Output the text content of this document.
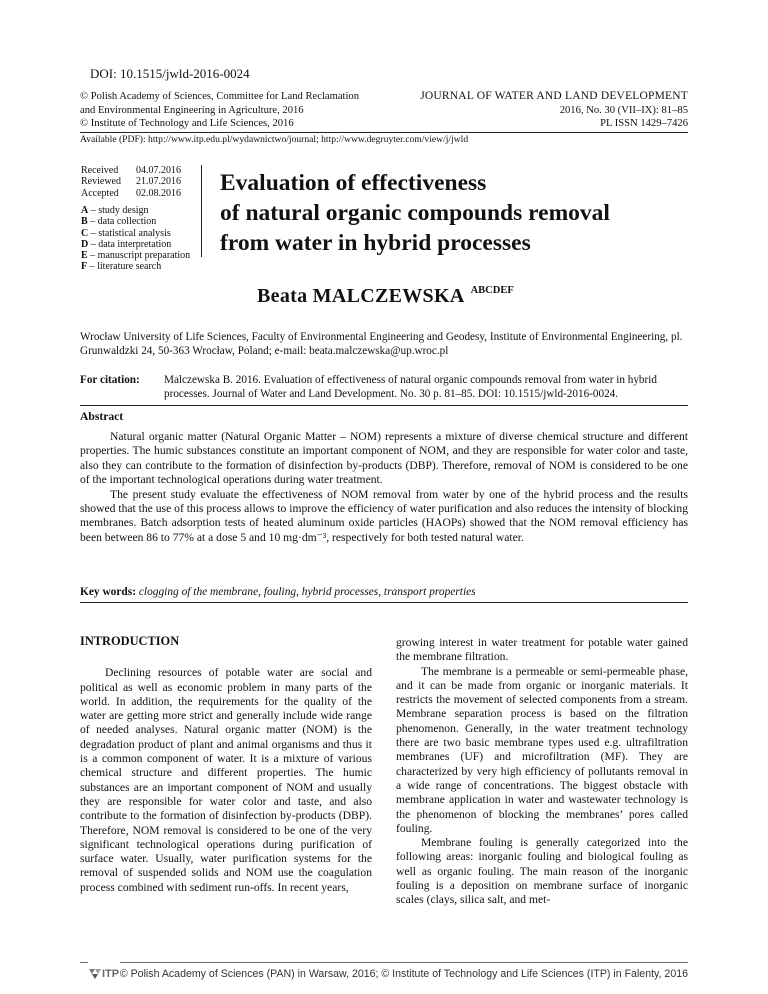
DOI: 10.1515/jwld-2016-0024
© Polish Academy of Sciences, Committee for Land Reclamation
and Environmental Engineering in Agriculture, 2016
© Institute of Technology and Life Sciences, 2016
JOURNAL OF WATER AND LAND DEVELOPMENT
2016, No. 30 (VII–IX): 81–85
PL ISSN 1429–7426
Available (PDF): http://www.itp.edu.pl/wydawnictwo/journal; http://www.degruyter.com/view/j/jwld
Received	04.07.2016
Reviewed	21.07.2016
Accepted	02.08.2016
A – study design
B – data collection
C – statistical analysis
D – data interpretation
E – manuscript preparation
F – literature search
Evaluation of effectiveness
of natural organic compounds removal
from water in hybrid processes
Beata MALCZEWSKA $^{ABCDEF}$
Wrocław University of Life Sciences, Faculty of Environmental Engineering and Geodesy, Institute of Environmental Engineering, pl. Grunwaldzki 24, 50-363 Wrocław, Poland; e-mail: beata.malczewska@up.wroc.pl
For citation:	Malczewska B. 2016. Evaluation of effectiveness of natural organic compounds removal from water in hybrid processes. Journal of Water and Land Development. No. 30 p. 81–85. DOI: 10.1515/jwld-2016-0024.
Abstract

Natural organic matter (Natural Organic Matter – NOM) represents a mixture of diverse chemical structure and different properties. The humic substances constitute an important component of NOM, and they are responsible for water color and taste, also they can contribute to the formation of disinfection by-products (DBP). Therefore, removal of NOM is considered to be one of the important technological operations during water treatment.

The present study evaluate the effectiveness of NOM removal from water by one of the hybrid process and the results showed that the use of this process allows to improve the efficiency of water purification and also reduces the intensity of blocking membranes. Batch adsorption tests of heated aluminum oxide particles (HAOPs) showed that the NOM removal efficiency has been between 86 to 77% at a dose 5 and 10 mg·dm⁻³, respectively for both tested natural water.

Key words: clogging of the membrane, fouling, hybrid processes, transport properties
INTRODUCTION

Declining resources of potable water are social and political as well as economic problem in many parts of the world. In addition, the requirements for the quality of the water are getting more strict and generally include wide range of needed analyses. Natural organic matter (NOM) is the degradation product of plant and animal organisms and thus it is a common component of water. It is a mixture of various chemical structure and different properties. The humic substances are an important component of NOM and usually they are responsible for water color and taste, and also contribute to the formation of disinfection by-products (DBP). Therefore, NOM removal is considered to be one of the very significant technological operations during purification of surface water. Usually, water purification systems for the removal of suspended solids and NOM use the coagulation process combined with sediment run-offs. In recent years,

growing interest in water treatment for potable water gained the membrane filtration.

The membrane is a permeable or semi-permeable phase, and it can be made from organic or inorganic materials. It restricts the movement of selected components from a stream. Membrane separation process is based on the filtration phenomenon. Generally, in the water treatment technology there are two basic membrane types used e.g. ultrafiltration membranes (UF) and microfiltration (MF). They are characterized by very high efficiency of pollutants removal in a wide range of concentrations. The biggest obstacle with membrane application in water and wastewater technology is the phenomenon of blocking the membranes’ pores called fouling.

Membrane fouling is generally categorized into the following areas: inorganic fouling and biological fouling as well as organic fouling. The main reason of the inorganic fouling is a deposition on membrane surface of inorganic scales (clays, silica salt, and met-

ITP © Polish Academy of Sciences (PAN) in Warsaw, 2016; © Institute of Technology and Life Sciences (ITP) in Falenty, 2016
